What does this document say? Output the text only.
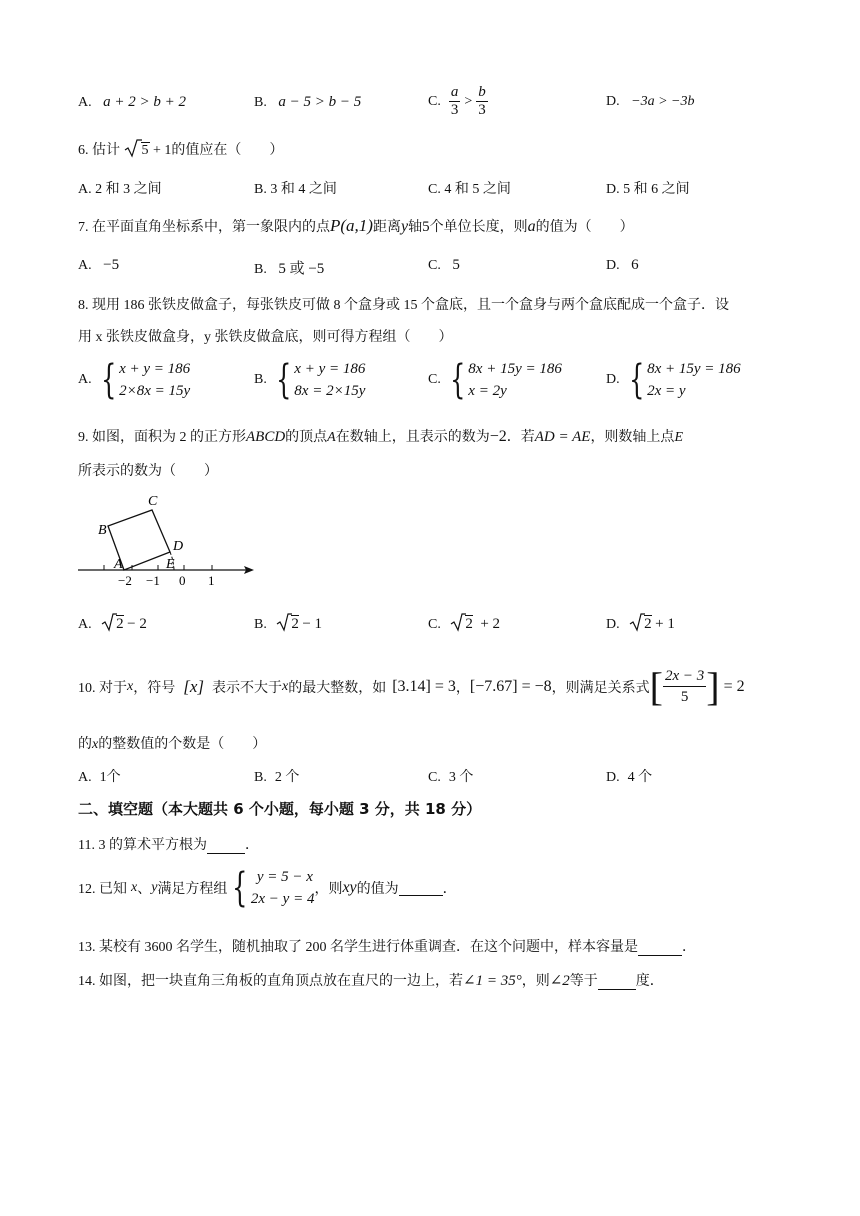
A. a + 2 > b + 2	B. a − 5 > b − 5	C. $\frac{a}{3} > \frac{b}{3}$	D. −3a > −3b
6. 估计 5 + 1的值应在（　　）
A. 2 和 3 之间	B. 3 和 4 之间	C. 4 和 5 之间	D. 5 和 6 之间
7. 在平面直角坐标系中，第一象限内的点P(a,1)距离y轴5个单位长度，则a的值为（　　）
A. −5	B. 5 或 −5	C. 5	D. 6
8. 现用 186 张铁皮做盒子，每张铁皮可做 8 个盒身或 15 个盒底，且一个盒身与两个盒底配成一个盒子．设
用 x 张铁皮做盒身，y 张铁皮做盒底，则可得方程组（　　）
A. { x + y = 186
2×8x = 15y
B. { x + y = 186
8x = 2×15y
C. { 8x + 15y = 186
x = 2y
D. { 8x + 15y = 186
2x = y
9. 如图，面积为 2 的正方形ABCD的顶点A在数轴上，且表示的数为−2．若AD = AE，则数轴上点E
所表示的数为（　　）
C
B
D
A	E
−2 −1 0 1
A. 2 − 2	B. 2 − 1	C. 2 + 2	D. 2 + 1
10. 对于 x ，符号 [x] 表示不大于 x 的最大整数，如 [3.14] = 3 ， [−7.67] = −8 ，则满足关系式 [ $\frac{2x - 3}{5}$ ] = 2
的x的整数值的个数是（　　）
A. 1个	B. 2 个	C. 3 个	D. 4 个
二、填空题（本大题共 6 个小题，每小题 3 分，共 18 分）
11. 3 的算术平方根为	．
12. 已知 x 、 y 满足方程组 { y = 5 − x
2x − y = 4
，则 xy 的值为	．
13. 某校有 3600 名学生，随机抽取了 200 名学生进行体重调查．在这个问题中，样本容量是	．
14. 如图，把一块直角三角板的直角顶点放在直尺的一边上，若∠1 = 35°，则∠2等于	度．
